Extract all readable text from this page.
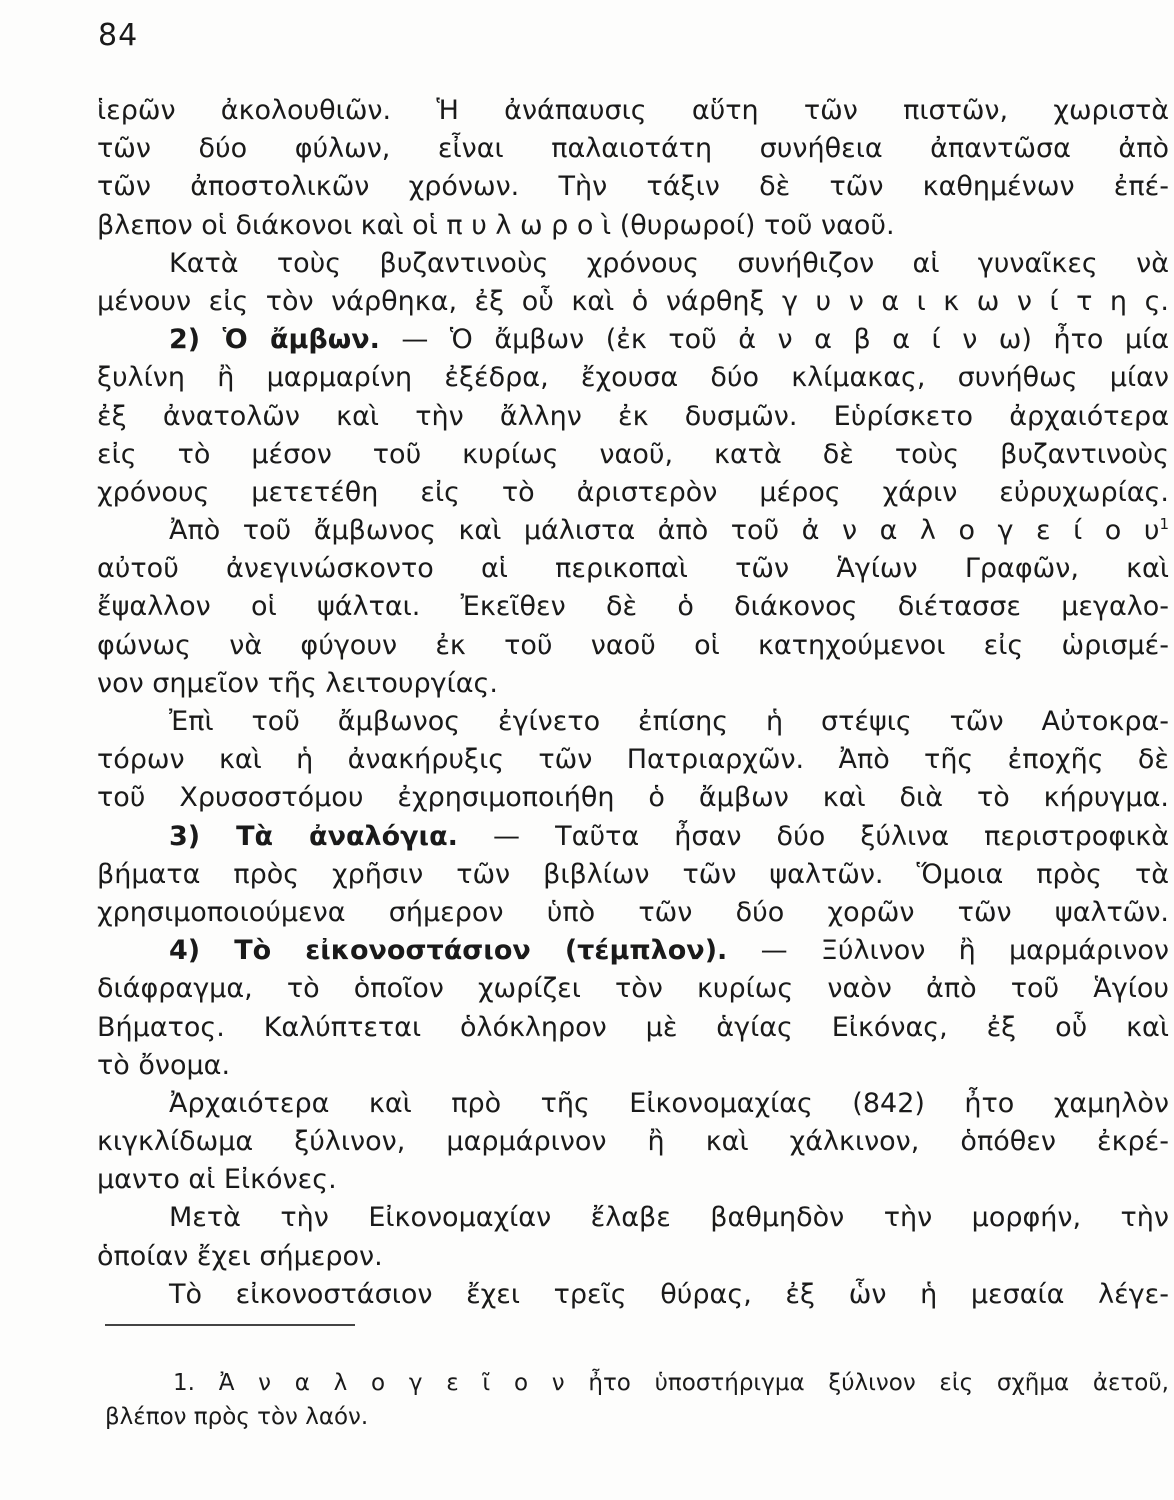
84
ἱερῶν ἀκολουθιῶν. Ἡ ἀνάπαυσις αὕτη τῶν πιστῶν, χωριστὰ
τῶν δύο φύλων, εἶναι παλαιοτάτη συνήθεια ἀπαντῶσα ἀπὸ
τῶν ἀποστολικῶν χρόνων. Τὴν τάξιν δὲ τῶν καθημένων ἐπέ-
βλεπον οἱ διάκονοι καὶ οἱ π υ λ ω ρ ο ὶ (θυρωροί) τοῦ ναοῦ.
Κατὰ τοὺς βυζαντινοὺς χρόνους συνήθιζον αἱ γυναῖκες νὰ
μένουν εἰς τὸν νάρθηκα, ἐξ οὗ καὶ ὁ νάρθηξ γ υ ν α ι κ ω ν ί τ η ς.
2) Ὁ ἄμβων. — Ὁ ἄμβων (ἐκ τοῦ ἀ ν α β α ί ν ω) ἦτο μία
ξυλίνη ἢ μαρμαρίνη ἐξέδρα, ἔχουσα δύο κλίμακας, συνήθως μίαν
ἐξ ἀνατολῶν καὶ τὴν ἄλλην ἐκ δυσμῶν. Εὑρίσκετο ἀρχαιότερα
εἰς τὸ μέσον τοῦ κυρίως ναοῦ, κατὰ δὲ τοὺς βυζαντινοὺς
χρόνους μετετέθη εἰς τὸ ἀριστερὸν μέρος χάριν εὐρυχωρίας.
Ἀπὸ τοῦ ἄμβωνος καὶ μάλιστα ἀπὸ τοῦ ἀ ν α λ ο γ ε ί ο $\upsilon^1$
αὐτοῦ ἀνεγινώσκοντο αἱ περικοπαὶ τῶν Ἁγίων Γραφῶν, καὶ
ἔψαλλον οἱ ψάλται. Ἐκεῖθεν δὲ ὁ διάκονος διέτασσε μεγαλο-
φώνως νὰ φύγουν ἐκ τοῦ ναοῦ οἱ κατηχούμενοι εἰς ὡρισμέ-
νον σημεῖον τῆς λειτουργίας.
Ἐπὶ τοῦ ἄμβωνος ἐγίνετο ἐπίσης ἡ στέψις τῶν Αὐτοκρα-
τόρων καὶ ἡ ἀνακήρυξις τῶν Πατριαρχῶν. Ἀπὸ τῆς ἐποχῆς δὲ
τοῦ Χρυσοστόμου ἐχρησιμοποιήθη ὁ ἄμβων καὶ διὰ τὸ κήρυγμα.
3) Τὰ ἀναλόγια. — Ταῦτα ἦσαν δύο ξύλινα περιστροφικὰ
βήματα πρὸς χρῆσιν τῶν βιβλίων τῶν ψαλτῶν. Ὅμοια πρὸς τὰ
χρησιμοποιούμενα σήμερον ὑπὸ τῶν δύο χορῶν τῶν ψαλτῶν.
4) Τὸ εἰκονοστάσιον (τέμπλον). — Ξύλινον ἢ μαρμάρινον
διάφραγμα, τὸ ὁποῖον χωρίζει τὸν κυρίως ναὸν ἀπὸ τοῦ Ἁγίου
Βήματος. Καλύπτεται ὁλόκληρον μὲ ἁγίας Εἰκόνας, ἐξ οὗ καὶ
τὸ ὄνομα.
Ἀρχαιότερα καὶ πρὸ τῆς Εἰκονομαχίας (842) ἦτο χαμηλὸν
κιγκλίδωμα ξύλινον, μαρμάρινον ἢ καὶ χάλκινον, ὁπόθεν ἐκρέ-
μαντο αἱ Εἰκόνες.
Μετὰ τὴν Εἰκονομαχίαν ἔλαβε βαθμηδὸν τὴν μορφήν, τὴν
ὁποίαν ἔχει σήμερον.
Τὸ εἰκονοστάσιον ἔχει τρεῖς θύρας, ἐξ ὧν ἡ μεσαία λέγε-
1. Ἀ ν α λ ο γ ε ῖ ο ν ἦτο ὑποστήριγμα ξύλινον εἰς σχῆμα ἀετοῦ,
βλέπον πρὸς τὸν λαόν.
